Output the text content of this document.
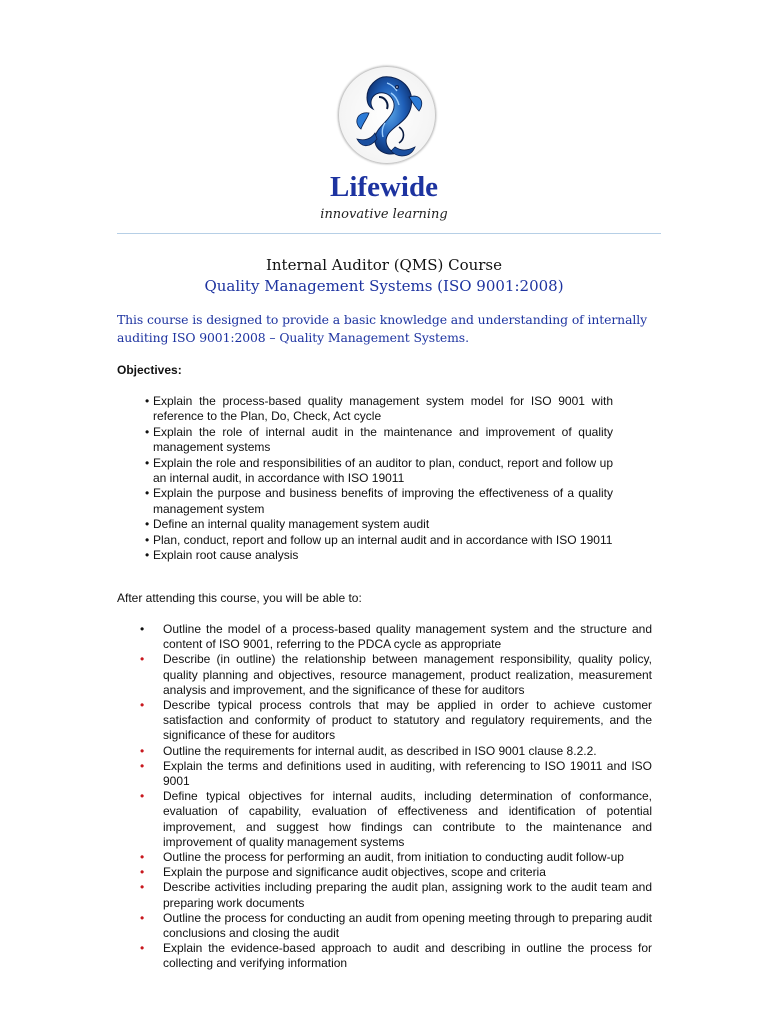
Lifewide
innovative learning
Internal Auditor (QMS) Course
Quality Management Systems (ISO 9001:2008)

This course is designed to provide a basic knowledge and understanding of internally

auditing ISO 9001:2008 – Quality Management Systems.

Objectives:
• Explain the process-based quality management system model for ISO 9001 with reference to the Plan, Do, Check, Act cycle
• Explain the role of internal audit in the maintenance and improvement of quality management systems
• Explain the role and responsibilities of an auditor to plan, conduct, report and follow up an internal audit, in accordance with ISO 19011
• Explain the purpose and business benefits of improving the effectiveness of a quality management system
• Define an internal quality management system audit
• Plan, conduct, report and follow up an internal audit and in accordance with ISO 19011
• Explain root cause analysis
After attending this course, you will be able to:
•	Outline the model of a process-based quality management system and the structure and content of ISO 9001, referring to the PDCA cycle as appropriate
•	Describe (in outline) the relationship between management responsibility, quality policy, quality planning and objectives, resource management, product realization, measurement analysis and improvement, and the significance of these for auditors
•	Describe typical process controls that may be applied in order to achieve customer satisfaction and conformity of product to statutory and regulatory requirements, and the significance of these for auditors
•	Outline the requirements for internal audit, as described in ISO 9001 clause 8.2.2.
•	Explain the terms and definitions used in auditing, with referencing to ISO 19011 and ISO 9001
•	Define typical objectives for internal audits, including determination of conformance, evaluation of capability, evaluation of effectiveness and identification of potential improvement, and suggest how findings can contribute to the maintenance and improvement of quality management systems
•	Outline the process for performing an audit, from initiation to conducting audit follow-up
•	Explain the purpose and significance audit objectives, scope and criteria
•	Describe activities including preparing the audit plan, assigning work to the audit team and preparing work documents
•	Outline the process for conducting an audit from opening meeting through to preparing audit conclusions and closing the audit
•	Explain the evidence-based approach to audit and describing in outline the process for collecting and verifying information
